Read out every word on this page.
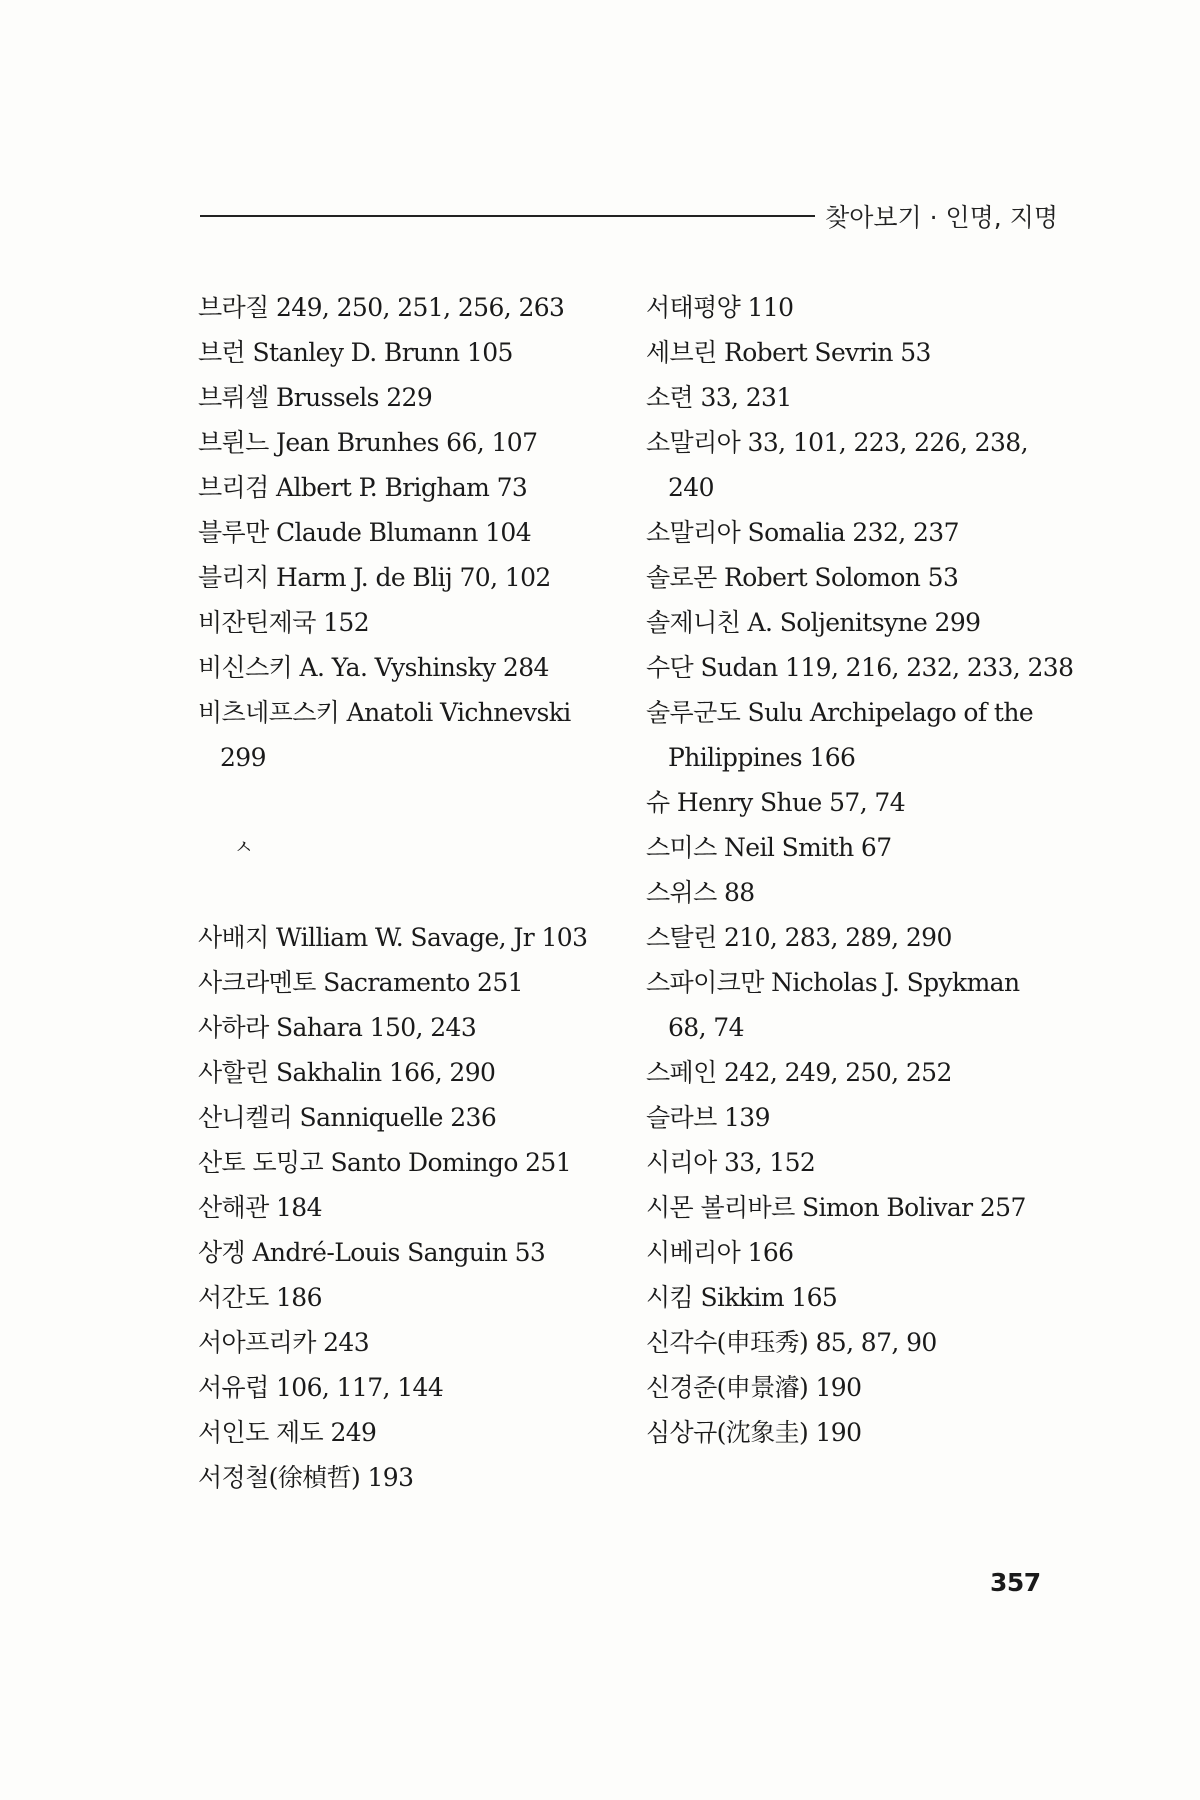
찾아보기 · 인명, 지명
브라질 249, 250, 251, 256, 263
브런 Stanley D. Brunn 105
브뤼셀 Brussels 229
브륀느 Jean Brunhes 66, 107
브리검 Albert P. Brigham 73
블루만 Claude Blumann 104
블리지 Harm J. de Blij 70, 102
비잔틴제국 152
비신스키 A. Ya. Vyshinsky 284
비츠네프스키 Anatoli Vichnevski
299
ㅅ
사배지 William W. Savage, Jr 103
사크라멘토 Sacramento 251
사하라 Sahara 150, 243
사할린 Sakhalin 166, 290
산니켈리 Sanniquelle 236
산토 도밍고 Santo Domingo 251
산해관 184
상겡 André-Louis Sanguin 53
서간도 186
서아프리카 243
서유럽 106, 117, 144
서인도 제도 249
서정철(徐楨哲) 193
서태평양 110
세브린 Robert Sevrin 53
소련 33, 231
소말리아 33, 101, 223, 226, 238,
240
소말리아 Somalia 232, 237
솔로몬 Robert Solomon 53
솔제니친 A. Soljenitsyne 299
수단 Sudan 119, 216, 232, 233, 238
술루군도 Sulu Archipelago of the
Philippines 166
슈 Henry Shue 57, 74
스미스 Neil Smith 67
스위스 88
스탈린 210, 283, 289, 290
스파이크만 Nicholas J. Spykman
68, 74
스페인 242, 249, 250, 252
슬라브 139
시리아 33, 152
시몬 볼리바르 Simon Bolivar 257
시베리아 166
시킴 Sikkim 165
신각수(申珏秀) 85, 87, 90
신경준(申景濬) 190
심상규(沈象圭) 190
357
